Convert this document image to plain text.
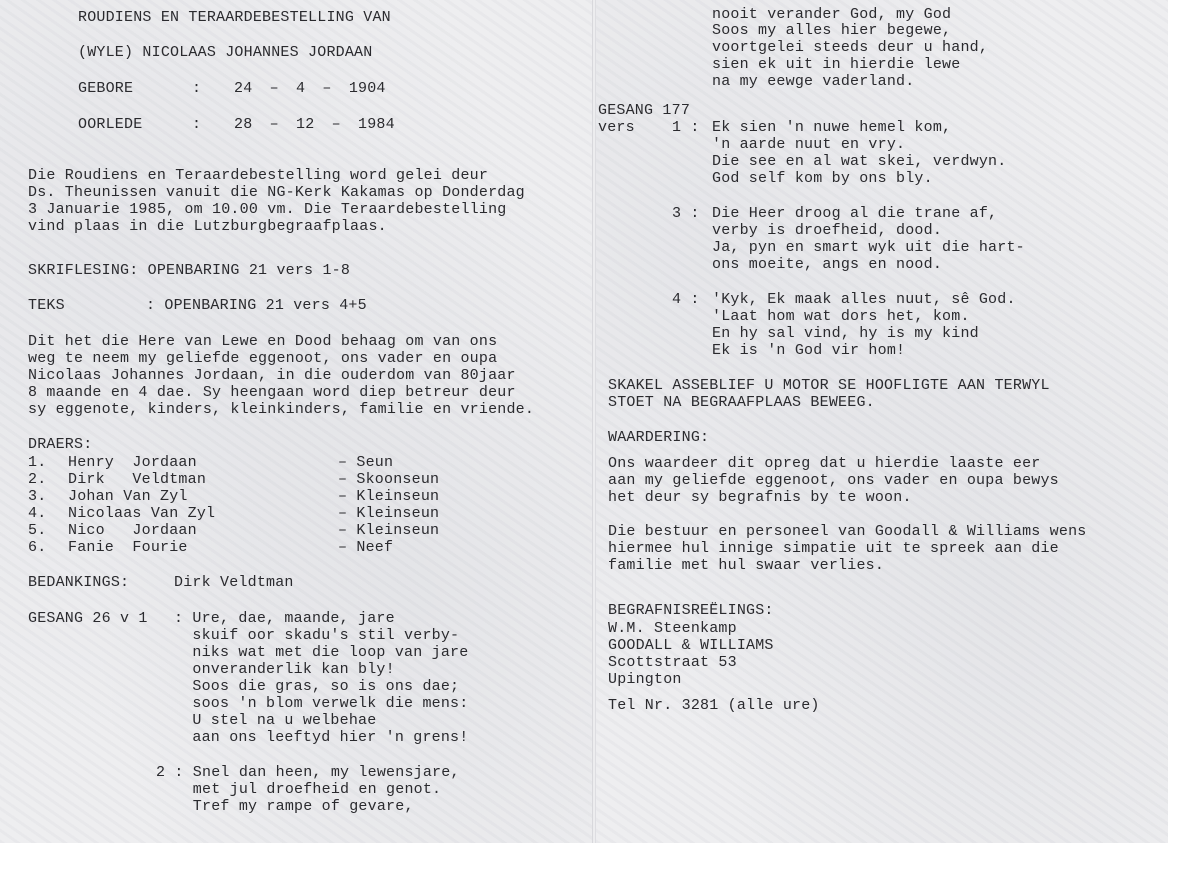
ROUDIENS EN TERAARDEBESTELLING VAN
(WYLE) NICOLAAS JOHANNES JORDAAN
GEBORE	: 24 – 4 – 1904
OORLEDE	: 28 – 12 – 1984
Die Roudiens en Teraardebestelling word gelei deur
Ds. Theunissen vanuit die NG-Kerk Kakamas op Donderdag
3 Januarie 1985, om 10.00 vm. Die Teraardebestelling
vind plaas in die Lutzburgbegraafplaas.
SKRIFLESING: OPENBARING 21 vers 1-8
TEKS	: OPENBARING 21 vers 4+5
Dit het die Here van Lewe en Dood behaag om van ons
weg te neem my geliefde eggenoot, ons vader en oupa
Nicolaas Johannes Jordaan, in die ouderdom van 80jaar
8 maande en 4 dae. Sy heengaan word diep betreur deur
sy eggenote, kinders, kleinkinders, familie en vriende.
DRAERS:
1. Henry  Jordaan	– Seun
2. Dirk   Veldtman	– Skoonseun
3. Johan Van Zyl	– Kleinseun
4. Nicolaas Van Zyl	– Kleinseun
5. Nico   Jordaan	– Kleinseun
6. Fanie  Fourie	– Neef
BEDANKINGS:	Dirk Veldtman
GESANG 26 v 1 : Ure, dae, maande, jare
skuif oor skadu's stil verby-
niks wat met die loop van jare
onveranderlik kan bly!
Soos die gras, so is ons dae;
soos 'n blom verwelk die mens:
U stel na u welbehae
aan ons leeftyd hier 'n grens!
2 : Snel dan heen, my lewensjare,
met jul droefheid en genot.
Tref my rampe of gevare,
nooit verander God, my God
Soos my alles hier begewe,
voortgelei steeds deur u hand,
sien ek uit in hierdie lewe
na my eewge vaderland.
GESANG 177
vers 1 : Ek sien 'n nuwe hemel kom,
'n aarde nuut en vry.
Die see en al wat skei, verdwyn.
God self kom by ons bly.
3 : Die Heer droog al die trane af,
verby is droefheid, dood.
Ja, pyn en smart wyk uit die hart-
ons moeite, angs en nood.
4 : 'Kyk, Ek maak alles nuut, sê God.
'Laat hom wat dors het, kom.
En hy sal vind, hy is my kind
Ek is 'n God vir hom!
SKAKEL ASSEBLIEF U MOTOR SE HOOFLIGTE AAN TERWYL
STOET NA BEGRAAFPLAAS BEWEEG.
WAARDERING:
Ons waardeer dit opreg dat u hierdie laaste eer
aan my geliefde eggenoot, ons vader en oupa bewys
het deur sy begrafnis by te woon.
Die bestuur en personeel van Goodall & Williams wens
hiermee hul innige simpatie uit te spreek aan die
familie met hul swaar verlies.
BEGRAFNISREËLINGS:
W.M. Steenkamp
GOODALL & WILLIAMS
Scottstraat 53
Upington
Tel Nr. 3281 (alle ure)
